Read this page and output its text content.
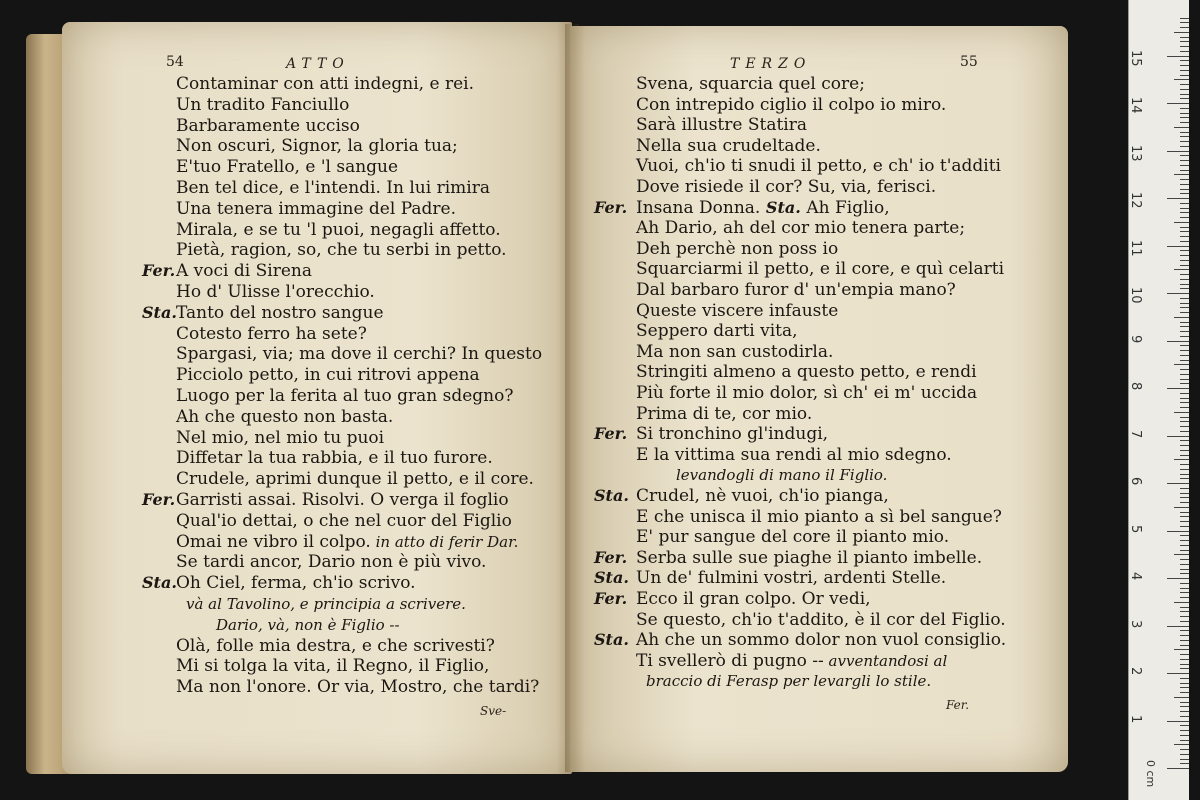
54	ATTO
Contaminar con atti indegni, e rei.
Un tradito Fanciullo
Barbaramente ucciso
Non oscuri, Signor, la gloria tua;
E'tuo Fratello, e 'l sangue
Ben tel dice, e l'intendi. In lui rimira
Una tenera immagine del Padre.
Mirala, e se tu 'l puoi, negagli affetto.
Pietà, ragion, so, che tu serbi in petto.
Fer. A voci di Sirena
Ho d' Ulisse l'orecchio.
Sta. Tanto del nostro sangue
Cotesto ferro ha sete?
Spargasi, via; ma dove il cerchi? In questo
Picciolo petto, in cui ritrovi appena
Luogo per la ferita al tuo gran sdegno?
Ah che questo non basta.
Nel mio, nel mio tu puoi
Diffetar la tua rabbia, e il tuo furore.
Crudele, aprimi dunque il petto, e il core.
Fer. Garristi assai. Risolvi. O verga il foglio
Qual'io dettai, o che nel cuor del Figlio
Omai ne vibro il colpo. in atto di ferir Dar.
Se tardi ancor, Dario non è più vivo.
Sta. Oh Ciel, ferma, ch'io scrivo.
và al Tavolino, e principia a scrivere.
Dario, và, non è Figlio --
Olà, folle mia destra, e che scrivesti?
Mi si tolga la vita, il Regno, il Figlio,
Ma non l'onore. Or via, Mostro, che tardi?
Sve-
TERZO	55
Svena, squarcia quel core;
Con intrepido ciglio il colpo io miro.
Sarà illustre Statira
Nella sua crudeltade.
Vuoi, ch'io ti snudi il petto, e ch' io t'additi
Dove risiede il cor? Su, via, ferisci.
Fer. Insana Donna. Sta. Ah Figlio,
Ah Dario, ah del cor mio tenera parte;
Deh perchè non poss io
Squarciarmi il petto, e il core, e quì celarti
Dal barbaro furor d' un'empia mano?
Queste viscere infauste
Seppero darti vita,
Ma non san custodirla.
Stringiti almeno a questo petto, e rendi
Più forte il mio dolor, sì ch' ei m' uccida
Prima di te, cor mio.
Fer. Si tronchino gl'indugi,
E la vittima sua rendi al mio sdegno.
levandogli di mano il Figlio.
Sta. Crudel, nè vuoi, ch'io pianga,
E che unisca il mio pianto a sì bel sangue?
E' pur sangue del core il pianto mio.
Fer. Serba sulle sue piaghe il pianto imbelle.
Sta. Un de' fulmini vostri, ardenti Stelle.
Fer. Ecco il gran colpo. Or vedi,
Se questo, ch'io t'addito, è il cor del Figlio.
Sta. Ah che un sommo dolor non vuol consiglio.
Ti svellerò di pugno -- avventandosi al
braccio di Ferasp per levargli lo stile.
Fer.
1
2
3
4
5
6
7
8
9
10
11
12
13
14
15
0 cm
